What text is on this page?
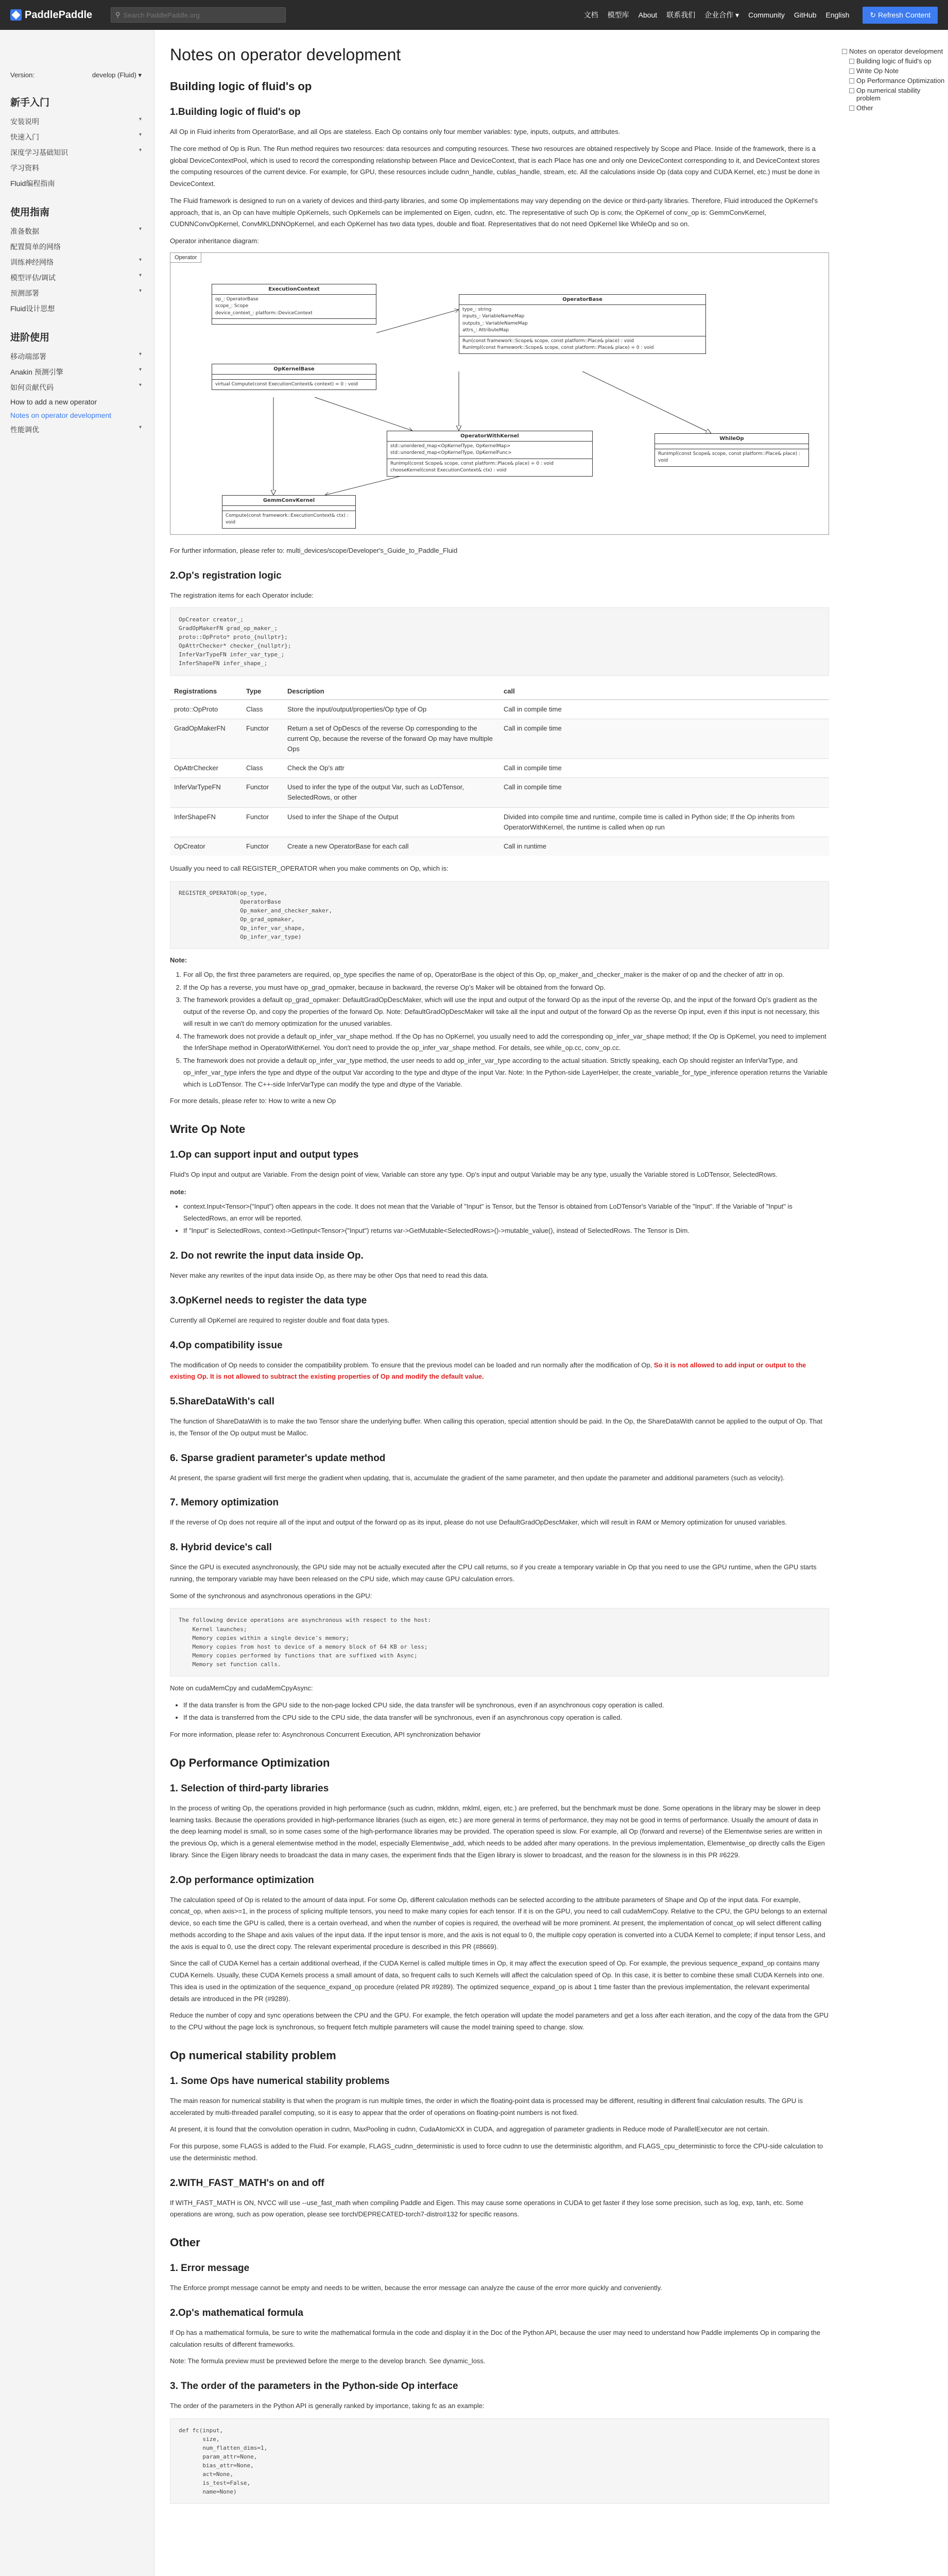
PaddlePaddle	⚲
Search PaddlePaddle.org	文档 模型库 About 联系我们 企业合作 ▾ Community GitHub English	↻ Refresh Content
Version:	develop (Fluid) ▾
新手入门
安装说明	▾
快速入门	▾
深度学习基础知识	▾
学习资料
Fluid编程指南
使用指南
准备数据	▾
配置简单的网络
训练神经网络	▾
模型评估/调试	▾
预测部署	▾
Fluid设计思想
进阶使用
移动端部署	▾
Anakin 预测引擎	▾
如何贡献代码	▾
How to add a new operator
Notes on operator development
性能调优	▾
Notes on operator development
Building logic of fluid's op
Write Op Note
Op Performance Optimization
Op numerical stability problem
Other
Notes on operator development
Building logic of fluid's op
1.Building logic of fluid's op

All Op in Fluid inherits from OperatorBase, and all Ops are stateless. Each Op contains only four member variables: type, inputs, outputs, and attributes.

The core method of Op is Run. The Run method requires two resources: data resources and computing resources. These two resources are obtained respectively by Scope and Place. Inside of the framework, there is a global DeviceContextPool, which is used to record the corresponding relationship between Place and DeviceContext, that is each Place has one and only one DeviceContext corresponding to it, and DeviceContext stores the computing resources of the current device. For example, for GPU, these resources include cudnn_handle, cublas_handle, stream, etc. All the calculations inside Op (data copy and CUDA Kernel, etc.) must be done in DeviceContext.

The Fluid framework is designed to run on a variety of devices and third-party libraries, and some Op implementations may vary depending on the device or third-party libraries. Therefore, Fluid introduced the OpKernel's approach, that is, an Op can have multiple OpKernels, such OpKernels can be implemented on Eigen, cudnn, etc. The representative of such Op is conv, the OpKernel of conv_op is: GemmConvKernel, CUDNNConvOpKernel, ConvMKLDNNOpKernel, and each OpKernel has two data types, double and float. Representatives that do not need OpKernel like WhileOp and so on.

Operator inheritance diagram:

Operator
ExecutionContext
op_: OperatorBase
scope_: Scope
device_context_: platform::DeviceContext
OperatorBase
type_: string
inputs_: VariableNameMap
outputs_: VariableNameMap
attrs_: AttributeMap
Run(const framework::Scope& scope, const platform::Place& place) : void
RunImpl(const framework::Scope& scope, const platform::Place& place) = 0 : void
OpKernelBase
virtual Compute(const ExecutionContext& context) = 0 : void
OperatorWithKernel
std::unordered_map<OpKernelType, OpKernelMap>
std::unordered_map<OpKernelType, OpKernelFunc>
RunImpl(const Scope& scope, const platform::Place& place) = 0 : void
chooseKernel(const ExecutionContext& ctx) : void
WhileOp
RunImpl(const Scope& scope, const platform::Place& place) : void
GemmConvKernel
Compute(const framework::ExecutionContext& ctx) : void

For further information, please refer to: multi_devices/scope/Developer's_Guide_to_Paddle_Fluid

2.Op's registration logic

The registration items for each Operator include:

OpCreator creator_;
GradOpMakerFN grad_op_maker_;
proto::OpProto* proto_{nullptr};
OpAttrChecker* checker_{nullptr};
InferVarTypeFN infer_var_type_;
InferShapeFN infer_shape_;
Registrations	Type	Description	call
proto::OpProto	Class	Store the input/output/properties/Op type of Op	Call in compile time
GradOpMakerFN	Functor	Return a set of OpDescs of the reverse Op corresponding to the current Op, because the reverse of the forward Op may have multiple Ops	Call in compile time
OpAttrChecker	Class	Check the Op's attr	Call in compile time
InferVarTypeFN	Functor	Used to infer the type of the output Var, such as LoDTensor, SelectedRows, or other	Call in compile time
InferShapeFN	Functor	Used to infer the Shape of the Output	Divided into compile time and runtime, compile time is called in Python side; If the Op inherits from OperatorWithKernel, the runtime is called when op run
OpCreator	Functor	Create a new OperatorBase for each call	Call in runtime

Usually you need to call REGISTER_OPERATOR when you make comments on Op, which is:

REGISTER_OPERATOR(op_type,
OperatorBase
Op_maker_and_checker_maker,
Op_grad_opmaker,
Op_infer_var_shape,
Op_infer_var_type)
Note:
1. For all Op, the first three parameters are required, op_type specifies the name of op, OperatorBase is the object of this Op, op_maker_and_checker_maker is the maker of op and the checker of attr in op.
2. If the Op has a reverse, you must have op_grad_opmaker, because in backward, the reverse Op's Maker will be obtained from the forward Op.
3. The framework provides a default op_grad_opmaker: DefaultGradOpDescMaker, which will use the input and output of the forward Op as the input of the reverse Op, and the input of the forward Op's gradient as the output of the reverse Op, and copy the properties of the forward Op. Note: DefaultGradOpDescMaker will take all the input and output of the forward Op as the reverse Op input, even if this input is not necessary, this will result in we can't do memory optimization for the unused variables.
4. The framework does not provide a default op_infer_var_shape method. If the Op has no OpKernel, you usually need to add the corresponding op_infer_var_shape method; If the Op is OpKernel, you need to implement the InferShape method in OperatorWithKernel. You don't need to provide the op_infer_var_shape method. For details, see while_op.cc, conv_op.cc.
5. The framework does not provide a default op_infer_var_type method, the user needs to add op_infer_var_type according to the actual situation. Strictly speaking, each Op should register an InferVarType, and op_infer_var_type infers the type and dtype of the output Var according to the type and dtype of the input Var. Note: In the Python-side LayerHelper, the create_variable_for_type_inference operation returns the Variable which is LoDTensor. The C++-side InferVarType can modify the type and dtype of the Variable.

For more details, please refer to: How to write a new Op

Write Op Note
1.Op can support input and output types

Fluid's Op input and output are Variable. From the design point of view, Variable can store any type. Op's input and output Variable may be any type, usually the Variable stored is LoDTensor, SelectedRows.

note:
• context.Input<Tensor>("Input") often appears in the code. It does not mean that the Variable of "Input" is Tensor, but the Tensor is obtained from LoDTensor's Variable of the "Input". If the Variable of "Input" is SelectedRows, an error will be reported.
• If "Input" is SelectedRows, context->GetInput<Tensor>("Input") returns var->GetMutable<SelectedRows>()->mutable_value(), instead of SelectedRows. The Tensor is Dim.
2. Do not rewrite the input data inside Op.

Never make any rewrites of the input data inside Op, as there may be other Ops that need to read this data.

3.OpKernel needs to register the data type

Currently all OpKernel are required to register double and float data types.

4.Op compatibility issue

The modification of Op needs to consider the compatibility problem. To ensure that the previous model can be loaded and run normally after the modification of Op, So it is not allowed to add input or output to the existing Op. It is not allowed to subtract the existing properties of Op and modify the default value.

5.ShareDataWith's call

The function of ShareDataWith is to make the two Tensor share the underlying buffer. When calling this operation, special attention should be paid. In the Op, the ShareDataWith cannot be applied to the output of Op. That is, the Tensor of the Op output must be Malloc.

6. Sparse gradient parameter's update method

At present, the sparse gradient will first merge the gradient when updating, that is, accumulate the gradient of the same parameter, and then update the parameter and additional parameters (such as velocity).

7. Memory optimization

If the reverse of Op does not require all of the input and output of the forward op as its input, please do not use DefaultGradOpDescMaker, which will result in RAM or Memory optimization for unused variables.

8. Hybrid device's call

Since the GPU is executed asynchronously, the GPU side may not be actually executed after the CPU call returns, so if you create a temporary variable in Op that you need to use the GPU runtime, when the GPU starts running, the temporary variable may have been released on the CPU side, which may cause GPU calculation errors.

Some of the synchronous and asynchronous operations in the GPU:

The following device operations are asynchronous with respect to the host:
Kernel launches;
Memory copies within a single device's memory;
Memory copies from host to device of a memory block of 64 KB or less;
Memory copies performed by functions that are suffixed with Async;
Memory set function calls.

Note on cudaMemCpy and cudaMemCpyAsync:

• If the data transfer is from the GPU side to the non-page locked CPU side, the data transfer will be synchronous, even if an asynchronous copy operation is called.
• If the data is transferred from the CPU side to the CPU side, the data transfer will be synchronous, even if an asynchronous copy operation is called.

For more information, please refer to: Asynchronous Concurrent Execution, API synchronization behavior

Op Performance Optimization
1. Selection of third-party libraries

In the process of writing Op, the operations provided in high performance (such as cudnn, mkldnn, mklml, eigen, etc.) are preferred, but the benchmark must be done. Some operations in the library may be slower in deep learning tasks. Because the operations provided in high-performance libraries (such as eigen, etc.) are more general in terms of performance, they may not be good in terms of performance. Usually the amount of data in the deep learning model is small, so in some cases some of the high-performance libraries may be provided. The operation speed is slow. For example, all Op (forward and reverse) of the Elementwise series are written in the previous Op, which is a general elementwise method in the model, especially Elementwise_add, which needs to be added after many operations. In the previous implementation, Elementwise_op directly calls the Eigen library. Since the Eigen library needs to broadcast the data in many cases, the experiment finds that the Eigen library is slower to broadcast, and the reason for the slowness is in this PR #6229.

2.Op performance optimization

The calculation speed of Op is related to the amount of data input. For some Op, different calculation methods can be selected according to the attribute parameters of Shape and Op of the input data. For example, concat_op, when axis>=1, in the process of splicing multiple tensors, you need to make many copies for each tensor. If it is on the GPU, you need to call cudaMemCopy. Relative to the CPU, the GPU belongs to an external device, so each time the GPU is called, there is a certain overhead, and when the number of copies is required, the overhead will be more prominent. At present, the implementation of concat_op will select different calling methods according to the Shape and axis values of the input data. If the input tensor is more, and the axis is not equal to 0, the multiple copy operation is converted into a CUDA Kernel to complete; if input tensor Less, and the axis is equal to 0, use the direct copy. The relevant experimental procedure is described in this PR (#8669).

Since the call of CUDA Kernel has a certain additional overhead, if the CUDA Kernel is called multiple times in Op, it may affect the execution speed of Op. For example, the previous sequence_expand_op contains many CUDA Kernels. Usually, these CUDA Kernels process a small amount of data, so frequent calls to such Kernels will affect the calculation speed of Op. In this case, it is better to combine these small CUDA Kernels into one. This idea is used in the optimization of the sequence_expand_op procedure (related PR #9289). The optimized sequence_expand_op is about 1 time faster than the previous implementation, the relevant experimental details are introduced in the PR (#9289).

Reduce the number of copy and sync operations between the CPU and the GPU. For example, the fetch operation will update the model parameters and get a loss after each iteration, and the copy of the data from the GPU to the CPU without the page lock is synchronous, so frequent fetch multiple parameters will cause the model training speed to change. slow.

Op numerical stability problem
1. Some Ops have numerical stability problems

The main reason for numerical stability is that when the program is run multiple times, the order in which the floating-point data is processed may be different, resulting in different final calculation results. The GPU is accelerated by multi-threaded parallel computing, so it is easy to appear that the order of operations on floating-point numbers is not fixed.

At present, it is found that the convolution operation in cudnn, MaxPooling in cudnn, CudaAtomicXX in CUDA, and aggregation of parameter gradients in Reduce mode of ParallelExecutor are not certain.

For this purpose, some FLAGS is added to the Fluid. For example, FLAGS_cudnn_deterministic is used to force cudnn to use the deterministic algorithm, and FLAGS_cpu_deterministic to force the CPU-side calculation to use the deterministic method.

2.WITH_FAST_MATH's on and off

If WITH_FAST_MATH is ON, NVCC will use --use_fast_math when compiling Paddle and Eigen. This may cause some operations in CUDA to get faster if they lose some precision, such as log, exp, tanh, etc. Some operations are wrong, such as pow operation, please see torch/DEPRECATED-torch7-distro#132 for specific reasons.

Other
1. Error message

The Enforce prompt message cannot be empty and needs to be written, because the error message can analyze the cause of the error more quickly and conveniently.

2.Op's mathematical formula

If Op has a mathematical formula, be sure to write the mathematical formula in the code and display it in the Doc of the Python API, because the user may need to understand how Paddle implements Op in comparing the calculation results of different frameworks.

Note: The formula preview must be previewed before the merge to the develop branch. See dynamic_loss.

3. The order of the parameters in the Python-side Op interface

The order of the parameters in the Python API is generally ranked by importance, taking fc as an example:

def fc(input,
size,
num_flatten_dims=1,
param_attr=None,
bias_attr=None,
act=None,
is_test=False,
name=None)
